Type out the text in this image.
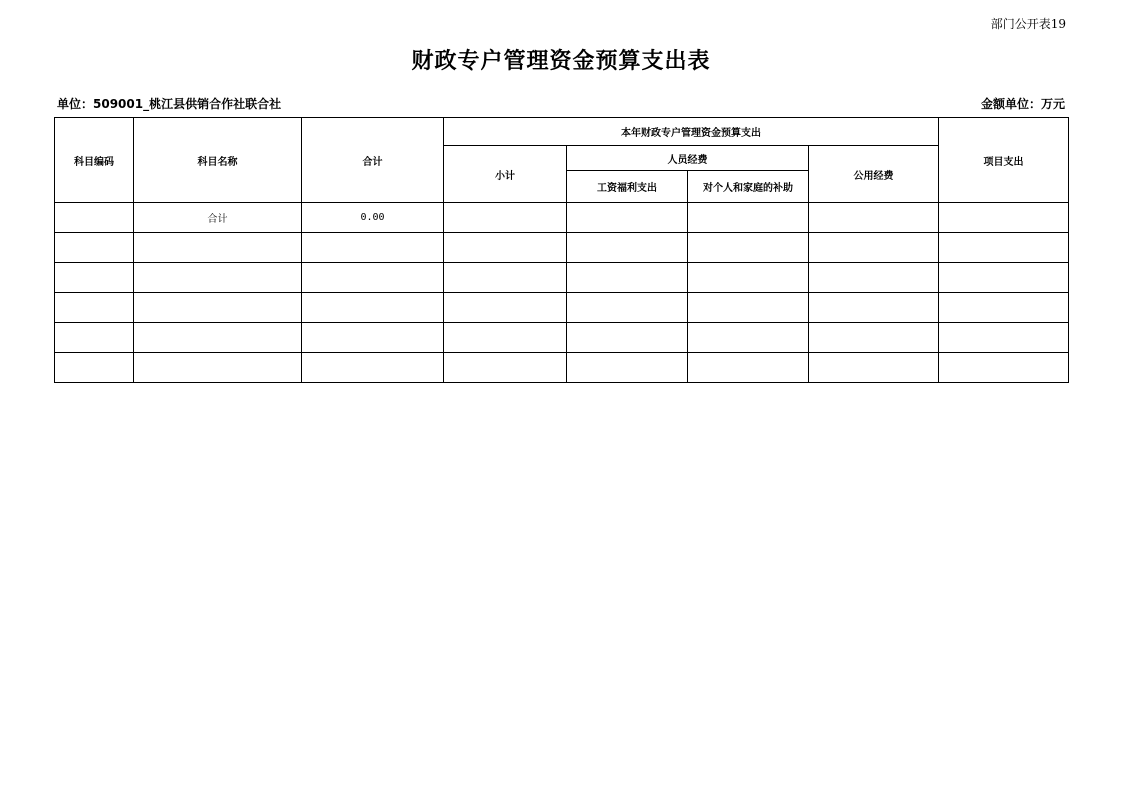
部门公开表19
财政专户管理资金预算支出表
单位：509001_桃江县供销合作社联合社	金额单位：万元
科目编码	科目名称	合计	本年财政专户管理资金预算支出				项目支出
			小计	人员经费		公用经费	
				工资福利支出	对个人和家庭的补助		
	合计	0.00					
